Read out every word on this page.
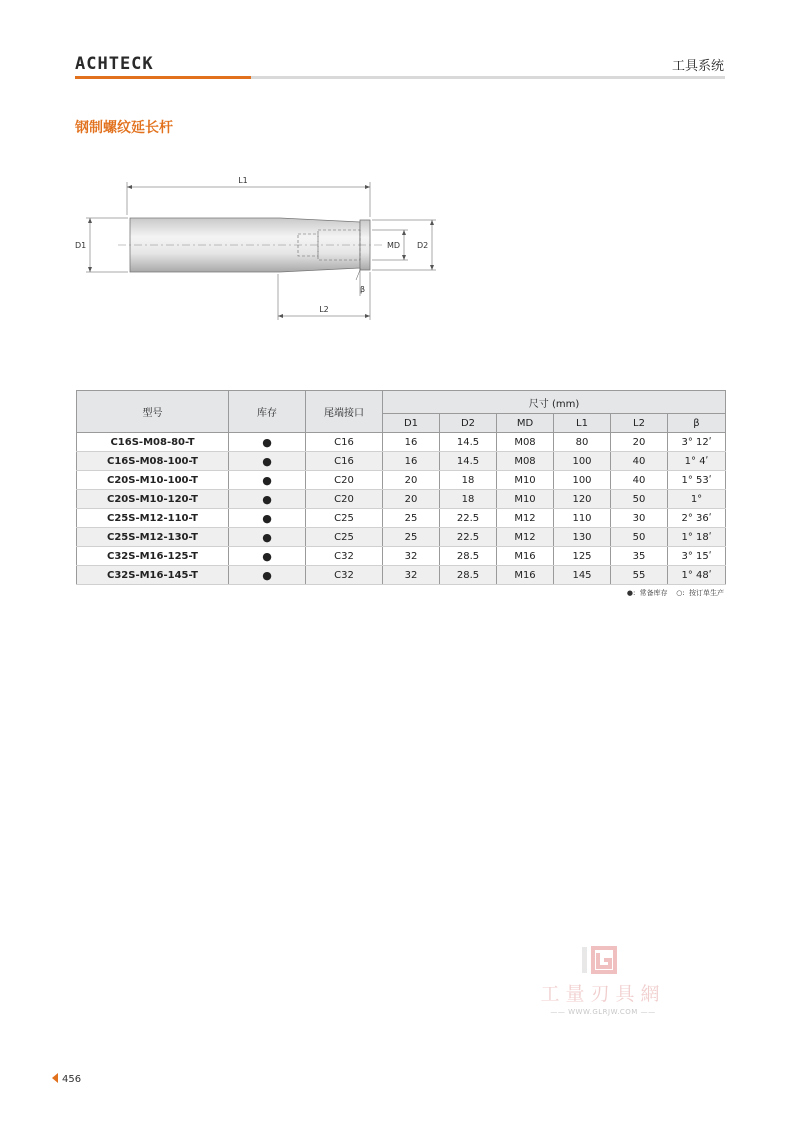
ACHTECK	工具系统
钢制螺纹延长杆
L1
D1	MD D2
β
L2
型号	库存	尾端接口	尺寸 (mm)					
			D1	D2	MD	L1	L2	β
C16S-M08-80-T	●	C16	16	14.5	M08	80	20	3° 12ʹ
C16S-M08-100-T	●	C16	16	14.5	M08	100	40	1° 4ʹ
C20S-M10-100-T	●	C20	20	18	M10	100	40	1° 53ʹ
C20S-M10-120-T	●	C20	20	18	M10	120	50	1°
C25S-M12-110-T	●	C25	25	22.5	M12	110	30	2° 36ʹ
C25S-M12-130-T	●	C25	25	22.5	M12	130	50	1° 18ʹ
C32S-M16-125-T	●	C32	32	28.5	M16	125	35	3° 15ʹ
C32S-M16-145-T	●	C32	32	28.5	M16	145	55	1° 48ʹ
●: 常备库存 ○: 按订单生产
工量刃具網
—— WWW.GLRJW.COM ——
456
